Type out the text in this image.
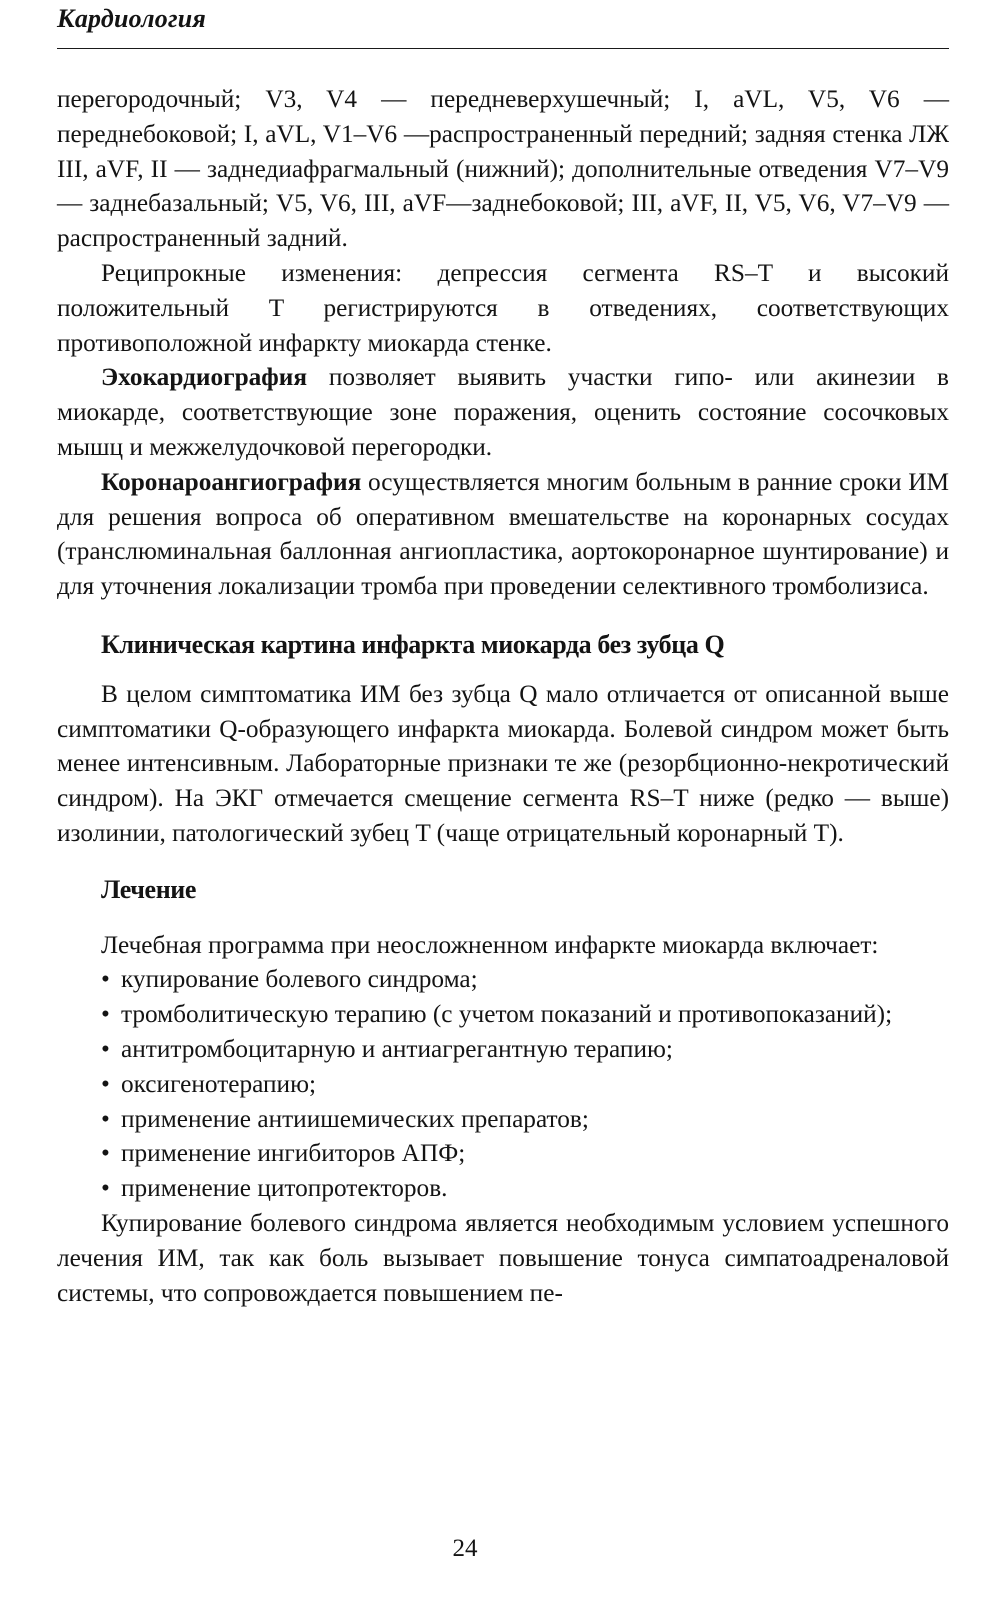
Кардиология

перегородочный; V3, V4 — передневерхушечный; I, aVL, V5, V6 — переднебоковой; I, aVL, V1–V6 —распространенный передний; задняя стенка ЛЖ III, aVF, II — заднедиафрагмальный (нижний); дополнительные отведения V7–V9 — заднебазальный; V5, V6, III, aVF—заднебоковой; III, aVF, II, V5, V6, V7–V9 — распространенный задний.

Реципрокные изменения: депрессия сегмента RS–T и высокий положительный T регистрируются в отведениях, соответствующих противоположной инфаркту миокарда стенке.

Эхокардиография позволяет выявить участки гипо- или акинезии в миокарде, соответствующие зоне поражения, оценить состояние сосочковых мышц и межжелудочковой перегородки.

Коронароангиография осуществляется многим больным в ранние сроки ИМ для решения вопроса об оперативном вмешательстве на коронарных сосудах (транслюминальная баллонная ангиопластика, аортокоронарное шунтирование) и для уточнения локализации тромба при проведении селективного тромболизиса.

Клиническая картина инфаркта миокарда без зубца Q

В целом симптоматика ИМ без зубца Q мало отличается от описанной выше симптоматики Q-образующего инфаркта миокарда. Болевой синдром может быть менее интенсивным. Лабораторные признаки те же (резорбционно-некротический синдром). На ЭКГ отмечается смещение сегмента RS–T ниже (редко — выше) изолинии, патологический зубец T (чаще отрицательный коронарный T).

Лечение

Лечебная программа при неосложненном инфаркте миокарда включает:

• купирование болевого синдрома;

• тромболитическую терапию (с учетом показаний и противопоказаний);

• антитромбоцитарную и антиагрегантную терапию;

• оксигенотерапию;

• применение антиишемических препаратов;

• применение ингибиторов АПФ;

• применение цитопротекторов.

Купирование болевого синдрома является необходимым условием успешного лечения ИМ, так как боль вызывает повышение тонуса симпатоадреналовой системы, что сопровождается повышением пе-

24
